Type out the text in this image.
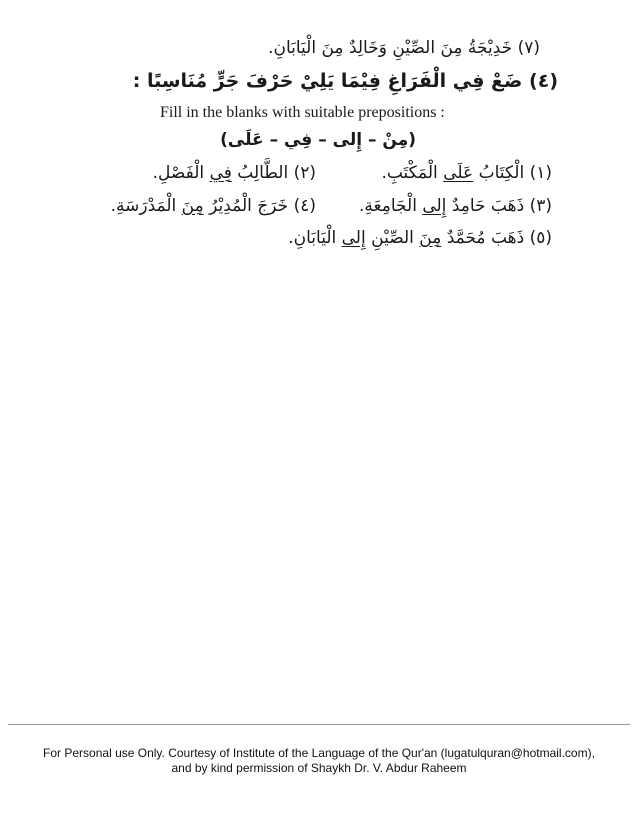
(٧) خَدِيْجَةُ مِنَ الصِّيْنِ وَخَالِدٌ مِنَ الْيَابَانِ.
(٤) ضَعْ فِي الْفَرَاغِ فِيْمَا يَلِيْ حَرْفَ جَرٍّ مُنَاسِبًا :
Fill in the blanks with suitable prepositions :
(مِنْ – إِلى – فِي – عَلَى)
(١) الْكِتَابُ عَلَى الْمَكْتَبِ.
(٢) الطَّالِبُ فِي الْفَصْلِ.
(٣) ذَهَبَ حَامِدٌ إِلى الْجَامِعَةِ.
(٤) خَرَجَ الْمُدِيْرُ مِنَ الْمَدْرَسَةِ.
(٥) ذَهَبَ مُحَمَّدٌ مِنَ الصِّيْنِ إِلى الْيَابَانِ.
For Personal use Only. Courtesy of Institute of the Language of the Qur'an (lugatulquran@hotmail.com),
and by kind permission of Shaykh Dr. V. Abdur Raheem
